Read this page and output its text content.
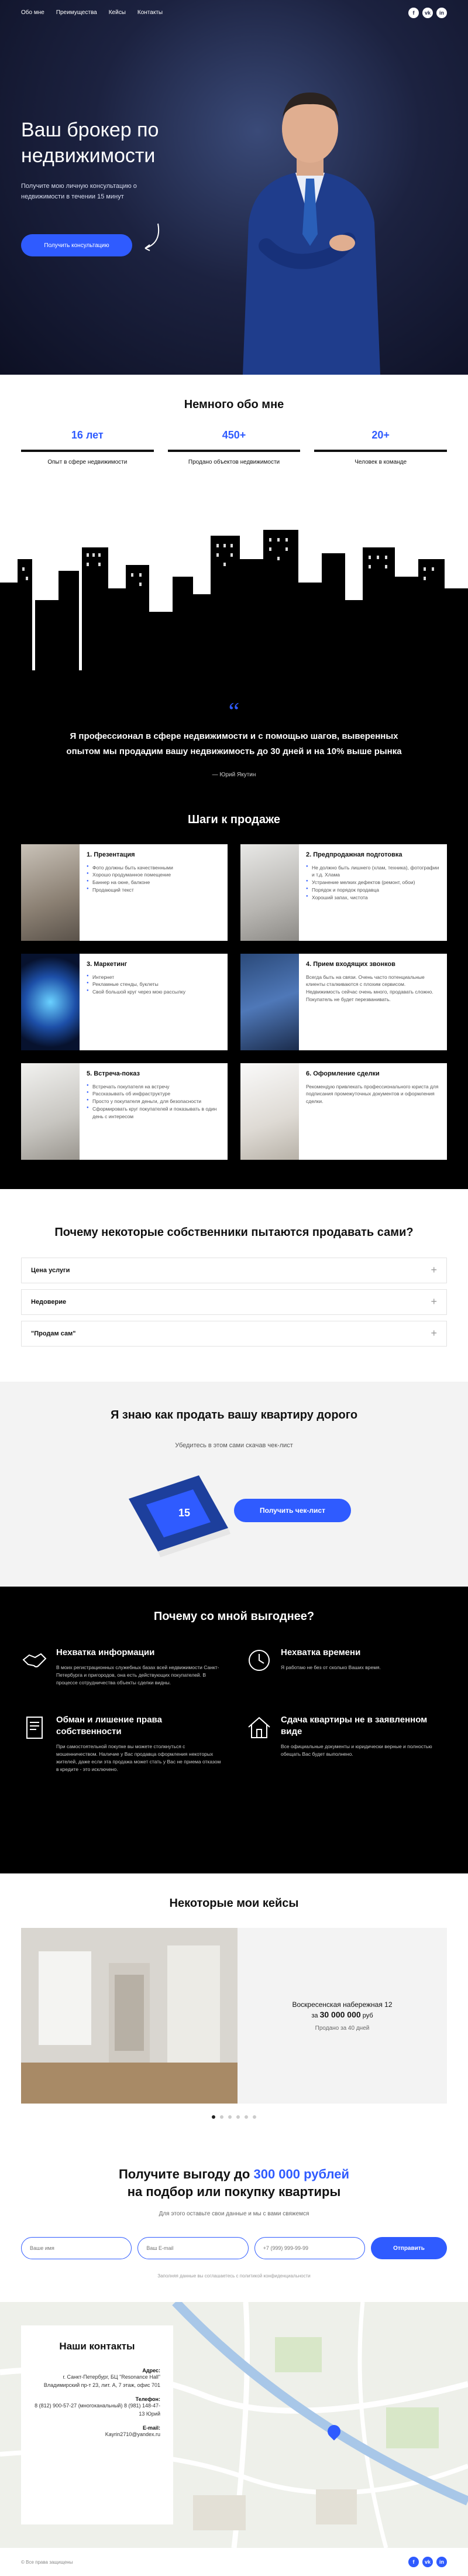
Обо мне Преимущества Кейсы Контакты	f	vk	in
Ваш брокер по недвижимости

Получите мою личную консультацию о недвижимости в течении 15 минут

Получить консультацию
Немного обо мне
16 лет
Опыт в сфере недвижимости
450+
Продано объектов недвижимости
20+
Человек в команде
“
Я профессионал в сфере недвижимости и с помощью шагов, выверенных опытом мы продадим вашу недвижимость до 30 дней и на 10% выше рынка
— Юрий Якутин
Шаги к продаже
1. Презентация
● Фото должны быть качественными
● Хорошо продуманное помещение
● Баннер на окне, балконе
● Продающий текст
2. Предпродажная подготовка
● Не должно быть лишнего (хлам, техника), фотографии и т.д. Хлама
● Устранение мелких дефектов (ремонт, обои)
● Порядок и порядок продавца
● Хороший запах, чистота
3. Маркетинг
● Интернет
● Рекламные стенды, буклеты
● Свой большой круг через мою рассылку
4. Прием входящих звонков

Всегда быть на связи. Очень часто потенциальные клиенты сталкиваются с плохим сервисом. Недвижимость сейчас очень много, продавать сложно. Покупатель не будет перезванивать.

5. Встреча-показ
● Встречать покупателя на встречу
● Рассказывать об инфраструктуре
● Просто у покупателя деньги, для безопасности
● Сформировать круг покупателей и показывать в один день с интересом
6. Оформление сделки

Рекомендую привлекать профессионального юриста для подписания промежуточных документов и оформления сделки.

Почему некоторые собственники пытаются продавать сами?
Цена услуги	+
Недоверие	+
"Продам сам"	+
Я знаю как продать вашу квартиру дорого

Убедитесь в этом сами скачав чек-лист

15	Получить чек-лист
Почему со мной выгоднее?
Нехватка информации

В моих регистрационных служебных базах всей недвижимости Санкт-Петербурга и пригородов, она есть действующих покупателей. В процессе сотрудничества объекты сделки видны.

Нехватка времени

Я работаю не без от сколько Ваших время.

Обман и лишение права собственности

При самостоятельной покупке вы можете столкнуться с мошенничеством. Наличие у Вас продавца оформления некоторых жителей, даже если эта продажа может стать у Вас не приема отказом в кредите - это исключено.

Сдача квартиры не в заявленном виде

Все официальные документы и юридически верные и полностью обещать Вас будет выполнено.

Некоторые мои кейсы
Воскресенская набережная 12
за 30 000 000 руб
Продано за 40 дней
Получите выгоду до 300 000 рублей
на подбор или покупку квартиры

Для этого оставьте свои данные и мы с вами свяжемся

Ваше имя
Ваш E-mail
+7 (999) 999-99-99
Отправить

Заполняя данные вы соглашаетесь с политикой конфиденциальности

Наши контакты
Адрес:
г. Санкт-Петербург, БЦ "Resonance Hall" Владимирский пр-т 23, лит. А, 7 этаж, офис 701
Телефон:
8 (812) 900-57-27 (многоканальный) 8 (981) 148-47-13 Юрий
E-mail:
Kayrin2710@yandex.ru
© Все права защищены	f	vk	in
